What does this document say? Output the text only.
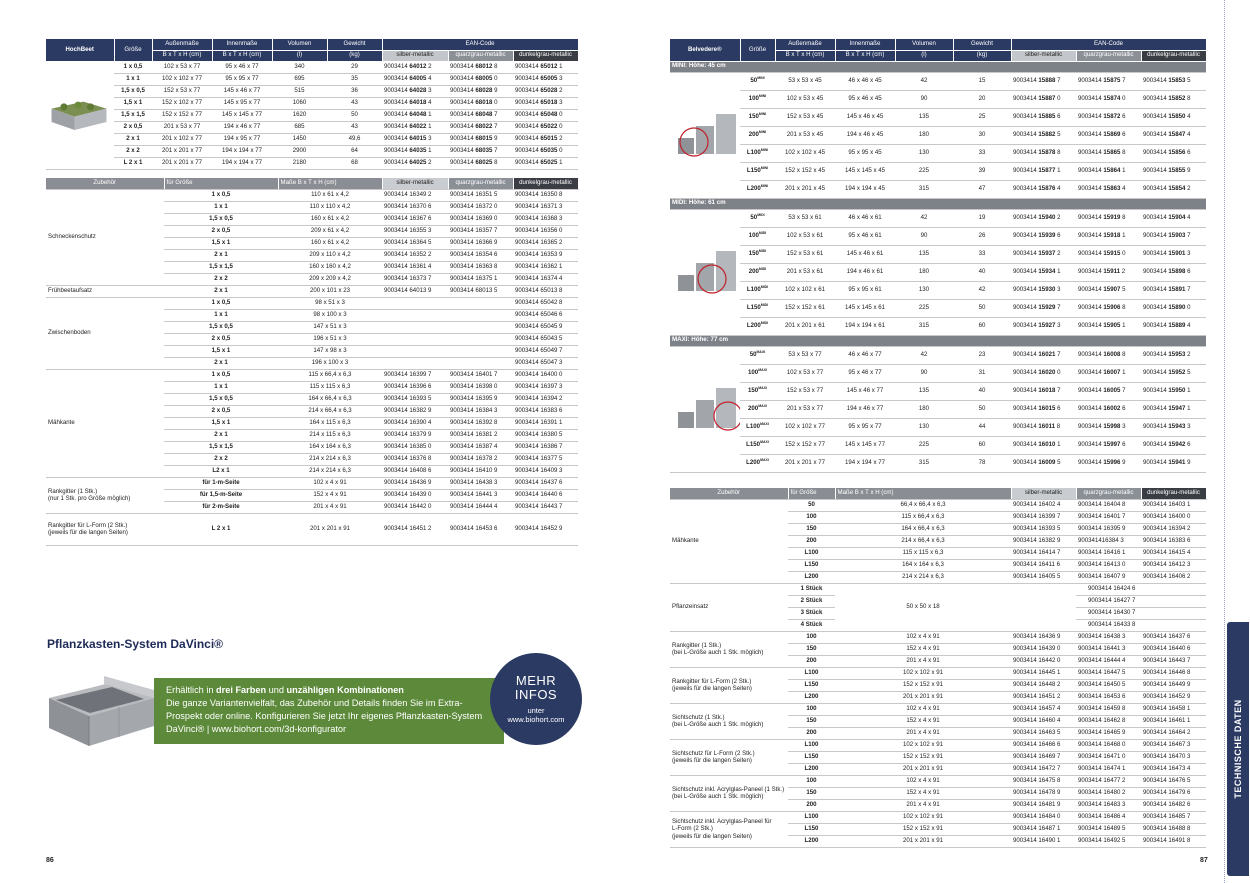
HochBeet	Größe	Außenmaße	Innenmaße	Volumen	Gewicht	EAN-Code		
		B x T x H (cm)	B x T x H (cm)	(l)	(kg)	silber-metallic	quarzgrau-metallic	dunkelgrau-metallic
	1 x 0,5	102 x 53 x 77	95 x 46 x 77	340	29	9003414 64012 2	9003414 68012 8	9003414 65012 1
	1 x 1	102 x 102 x 77	95 x 95 x 77	695	35	9003414 64005 4	9003414 68005 0	9003414 65005 3
	1,5 x 0,5	152 x 53 x 77	145 x 46 x 77	515	36	9003414 64028 3	9003414 68028 9	9003414 65028 2
	1,5 x 1	152 x 102 x 77	145 x 95 x 77	1060	43	9003414 64018 4	9003414 68018 0	9003414 65018 3
	1,5 x 1,5	152 x 152 x 77	145 x 145 x 77	1620	50	9003414 64048 1	9003414 68048 7	9003414 65048 0
	2 x 0,5	201 x 53 x 77	194 x 46 x 77	685	43	9003414 64022 1	9003414 68022 7	9003414 65022 0
	2 x 1	201 x 102 x 77	194 x 95 x 77	1450	49,6	9003414 64015 3	9003414 68015 9	9003414 65015 2
	2 x 2	201 x 201 x 77	194 x 194 x 77	2900	64	9003414 64035 1	9003414 68035 7	9003414 65035 0
	L 2 x 1	201 x 201 x 77	194 x 194 x 77	2180	68	9003414 64025 2	9003414 68025 8	9003414 65025 1
Zubehör	für Größe	Maße B x T x H (cm)	silber-metallic	quarzgrau-metallic	dunkelgrau-metallic
Schneckenschutz	1 x 0,5	110 x 61 x 4,2	9003414 16349 2	9003414 16351 5	9003414 16350 8
	1 x 1	110 x 110 x 4,2	9003414 16370 6	9003414 16372 0	9003414 16371 3
	1,5 x 0,5	160 x 61 x 4,2	9003414 16367 6	9003414 16369 0	9003414 16368 3
	2 x 0,5	209 x 61 x 4,2	9003414 16355 3	9003414 16357 7	9003414 16356 0
	1,5 x 1	160 x 61 x 4,2	9003414 16364 5	9003414 16366 9	9003414 16365 2
	2 x 1	209 x 110 x 4,2	9003414 16352 2	9003414 16354 6	9003414 16353 9
	1,5 x 1,5	160 x 160 x 4,2	9003414 16361 4	9003414 16363 8	9003414 16362 1
	2 x 2	209 x 209 x 4,2	9003414 16373 7	9003414 16375 1	9003414 16374 4
Frühbeetaufsatz	2 x 1	200 x 101 x 23	9003414 64013 9	9003414 68013 5	9003414 65013 8
Zwischenboden	1 x 0,5	98 x 51 x 3			9003414 65042 8
	1 x 1	98 x 100 x 3			9003414 65046 6
	1,5 x 0,5	147 x 51 x 3			9003414 65045 9
	2 x 0,5	196 x 51 x 3			9003414 65043 5
	1,5 x 1	147 x 98 x 3			9003414 65049 7
	2 x 1	196 x 100 x 3			9003414 65047 3
Mähkante	1 x 0,5	115 x 66,4 x 6,3	9003414 16399 7	9003414 16401 7	9003414 16400 0
	1 x 1	115 x 115 x 6,3	9003414 16396 6	9003414 16398 0	9003414 16397 3
	1,5 x 0,5	164 x 66,4 x 6,3	9003414 16393 5	9003414 16395 9	9003414 16394 2
	2 x 0,5	214 x 66,4 x 6,3	9003414 16382 9	9003414 16384 3	9003414 16383 6
	1,5 x 1	164 x 115 x 6,3	9003414 16390 4	9003414 16392 8	9003414 16391 1
	2 x 1	214 x 115 x 6,3	9003414 16379 9	9003414 16381 2	9003414 16380 5
	1,5 x 1,5	164 x 164 x 6,3	9003414 16385 0	9003414 16387 4	9003414 16386 7
	2 x 2	214 x 214 x 6,3	9003414 16376 8	9003414 16378 2	9003414 16377 5
	L2 x 1	214 x 214 x 6,3	9003414 16408 6	9003414 16410 9	9003414 16409 3
Rankgitter (1 Stk.)
(nur 1 Stk. pro Größe möglich)	für 1-m-Seite	102 x 4 x 91	9003414 16436 9	9003414 16438 3	9003414 16437 6
	für 1,5-m-Seite	152 x 4 x 91	9003414 16439 0	9003414 16441 3	9003414 16440 6
	für 2-m-Seite	201 x 4 x 91	9003414 16442 0	9003414 16444 4	9003414 16443 7
Rankgitter für L-Form (2 Stk.)
(jeweils für die langen Seiten)	L 2 x 1	201 x 201 x 91	9003414 16451 2	9003414 16453 6	9003414 16452 9
Pflanzkasten-System DaVinci®
Erhältlich in drei Farben und unzähligen Kombinationen
Die ganze Variantenvielfalt, das Zubehör und Details finden Sie im Extra-
Prospekt oder online. Konfigurieren Sie jetzt Ihr eigenes Pflanzkasten-System
DaVinci® | www.biohort.com/3d-konfigurator
MEHR
INFOS
unter
www.biohort.com
86	87
Belvedere®	Größe	Außenmaße	Innenmaße	Volumen	Gewicht	EAN-Code		
		B x T x H (cm)	B x T x H (cm)	(l)	(kg)	silber-metallic	quarzgrau-metallic	dunkelgrau-metallic
MINI: Höhe: 45 cm								
	$50^{MINI}$	53 x 53 x 45	46 x 46 x 45	42	15	9003414 15888 7	9003414 15875 7	9003414 15853 5
	$100^{MINI}$	102 x 53 x 45	95 x 46 x 45	90	20	9003414 15887 0	9003414 15874 0	9003414 15852 8
	$150^{MINI}$	152 x 53 x 45	145 x 46 x 45	135	25	9003414 15885 6	9003414 15872 6	9003414 15850 4
	$200^{MINI}$	201 x 53 x 45	194 x 46 x 45	180	30	9003414 15882 5	9003414 15869 6	9003414 15847 4
	$L100^{MINI}$	102 x 102 x 45	95 x 95 x 45	130	33	9003414 15878 8	9003414 15865 8	9003414 15856 6
	$L150^{MINI}$	152 x 152 x 45	145 x 145 x 45	225	39	9003414 15877 1	9003414 15864 1	9003414 15855 9
	$L200^{MINI}$	201 x 201 x 45	194 x 194 x 45	315	47	9003414 15876 4	9003414 15863 4	9003414 15854 2
MIDI: Höhe: 61 cm								
	$50^{MIDI}$	53 x 53 x 61	46 x 46 x 61	42	19	9003414 15940 2	9003414 15919 8	9003414 15904 4
	$100^{MIDI}$	102 x 53 x 61	95 x 46 x 61	90	26	9003414 15939 6	9003414 15918 1	9003414 15903 7
	$150^{MIDI}$	152 x 53 x 61	145 x 46 x 61	135	33	9003414 15937 2	9003414 15915 0	9003414 15901 3
	$200^{MIDI}$	201 x 53 x 61	194 x 46 x 61	180	40	9003414 15934 1	9003414 15911 2	9003414 15898 6
	$L100^{MIDI}$	102 x 102 x 61	95 x 95 x 61	130	42	9003414 15930 3	9003414 15907 5	9003414 15891 7
	$L150^{MIDI}$	152 x 152 x 61	145 x 145 x 61	225	50	9003414 15929 7	9003414 15906 8	9003414 15890 0
	$L200^{MIDI}$	201 x 201 x 61	194 x 194 x 61	315	60	9003414 15927 3	9003414 15905 1	9003414 15889 4
MAXI: Höhe: 77 cm								
	$50^{MAXI}$	53 x 53 x 77	46 x 46 x 77	42	23	9003414 16021 7	9003414 16008 8	9003414 15953 2
	$100^{MAXI}$	102 x 53 x 77	95 x 46 x 77	90	31	9003414 16020 0	9003414 16007 1	9003414 15952 5
	$150^{MAXI}$	152 x 53 x 77	145 x 46 x 77	135	40	9003414 16018 7	9003414 16005 7	9003414 15950 1
	$200^{MAXI}$	201 x 53 x 77	194 x 46 x 77	180	50	9003414 16015 6	9003414 16002 6	9003414 15947 1
	$L100^{MAXI}$	102 x 102 x 77	95 x 95 x 77	130	44	9003414 16011 8	9003414 15998 3	9003414 15943 3
	$L150^{MAXI}$	152 x 152 x 77	145 x 145 x 77	225	60	9003414 16010 1	9003414 15997 6	9003414 15942 6
	$L200^{MAXI}$	201 x 201 x 77	194 x 194 x 77	315	78	9003414 16009 5	9003414 15996 9	9003414 15941 9
Zubehör	für Größe	Maße B x T x H (cm)	silber-metallic	quarzgrau-metallic	dunkelgrau-metallic
Mähkante	50	66,4 x 66,4 x 6,3	9003414 16402 4	9003414 16404 8	9003414 16403 1
	100	115 x 66,4 x 6,3	9003414 16399 7	9003414 16401 7	9003414 16400 0
	150	164 x 66,4 x 6,3	9003414 16393 5	9003414 16395 9	9003414 16394 2
	200	214 x 66,4 x 6,3	9003414 16382 9	900341416384 3	9003414 16383 6
	L100	115 x 115 x 6,3	9003414 16414 7	9003414 16416 1	9003414 16415 4
	L150	164 x 164 x 6,3	9003414 16411 6	9003414 16413 0	9003414 16412 3
	L200	214 x 214 x 6,3	9003414 16405 5	9003414 16407 9	9003414 16406 2
Pflanzeinsatz	1 Stück	50 x 50 x 18		9003414 16424 6	
	2 Stück			9003414 16427 7	
	3 Stück			9003414 16430 7	
	4 Stück			9003414 16433 8	
Rankgitter (1 Stk.)
(bei L-Größe auch 1 Stk. möglich)	100	102 x 4 x 91	9003414 16436 9	9003414 16438 3	9003414 16437 6
	150	152 x 4 x 91	9003414 16439 0	9003414 16441 3	9003414 16440 6
	200	201 x 4 x 91	9003414 16442 0	9003414 16444 4	9003414 16443 7
Rankgitter für L-Form (2 Stk.)
(jeweils für die langen Seiten)	L100	102 x 102 x 91	9003414 16445 1	9003414 16447 5	9003414 16446 8
	L150	152 x 152 x 91	9003414 16448 2	9003414 16450 5	9003414 16449 9
	L200	201 x 201 x 91	9003414 16451 2	9003414 16453 6	9003414 16452 9
Sichtschutz (1 Stk.)
(bei L-Größe auch 1 Stk. möglich)	100	102 x 4 x 91	9003414 16457 4	9003414 16459 8	9003414 16458 1
	150	152 x 4 x 91	9003414 16460 4	9003414 16462 8	9003414 16461 1
	200	201 x 4 x 91	9003414 16463 5	9003414 16465 9	9003414 16464 2
Sichtschutz für L-Form (2 Stk.)
(jeweils für die langen Seiten)	L100	102 x 102 x 91	9003414 16466 6	9003414 16468 0	9003414 16467 3
	L150	152 x 152 x 91	9003414 16469 7	9003414 16471 0	9003414 16470 3
	L200	201 x 201 x 91	9003414 16472 7	9003414 16474 1	9003414 16473 4
Sichtschutz inkl. Acrylglas-Paneel (1 Stk.)
(bei L-Größe auch 1 Stk. möglich)	100	102 x 4 x 91	9003414 16475 8	9003414 16477 2	9003414 16476 5
	150	152 x 4 x 91	9003414 16478 9	9003414 16480 2	9003414 16479 6
	200	201 x 4 x 91	9003414 16481 9	9003414 16483 3	9003414 16482 6
Sichtschutz inkl. Acrylglas-Paneel für
L-Form (2 Stk.)
(jeweils für die langen Seiten)	L100	102 x 102 x 91	9003414 16484 0	9003414 16486 4	9003414 16485 7
	L150	152 x 152 x 91	9003414 16487 1	9003414 16489 5	9003414 16488 8
	L200	201 x 201 x 91	9003414 16490 1	9003414 16492 5	9003414 16491 8
TECHNISCHE DATEN
